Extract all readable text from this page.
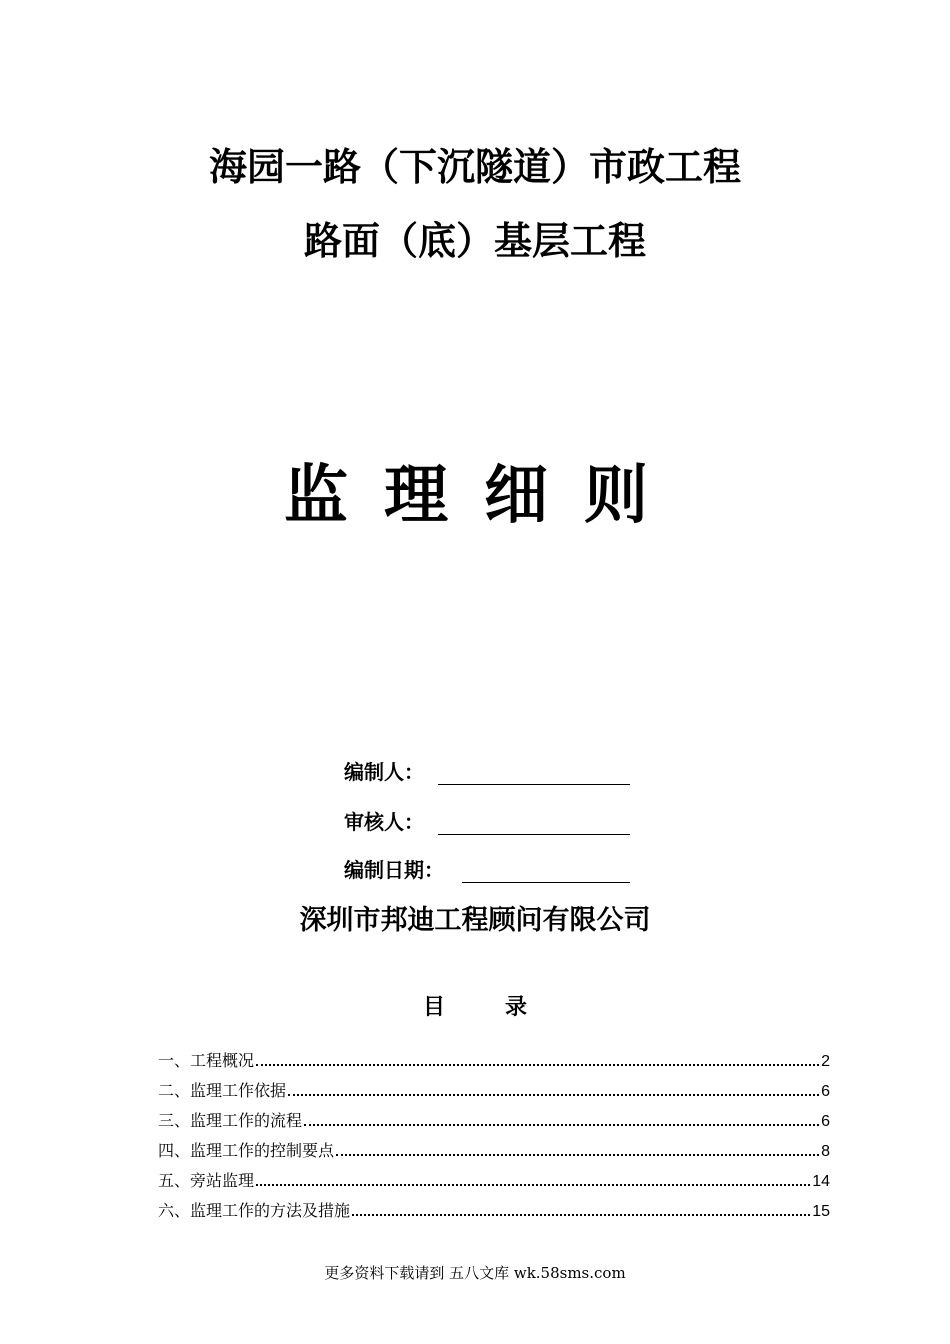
海园一路（下沉隧道）市政工程
路面（底）基层工程
监理细则
编制人：
审核人：
编制日期：
深圳市邦迪工程顾问有限公司
目	录
一、工程概况	2
二、监理工作依据	6
三、监理工作的流程	6
四、监理工作的控制要点	8
五、旁站监理	14
六、监理工作的方法及措施	15
更多资料下载请到 五八文库 wk.58sms.com
